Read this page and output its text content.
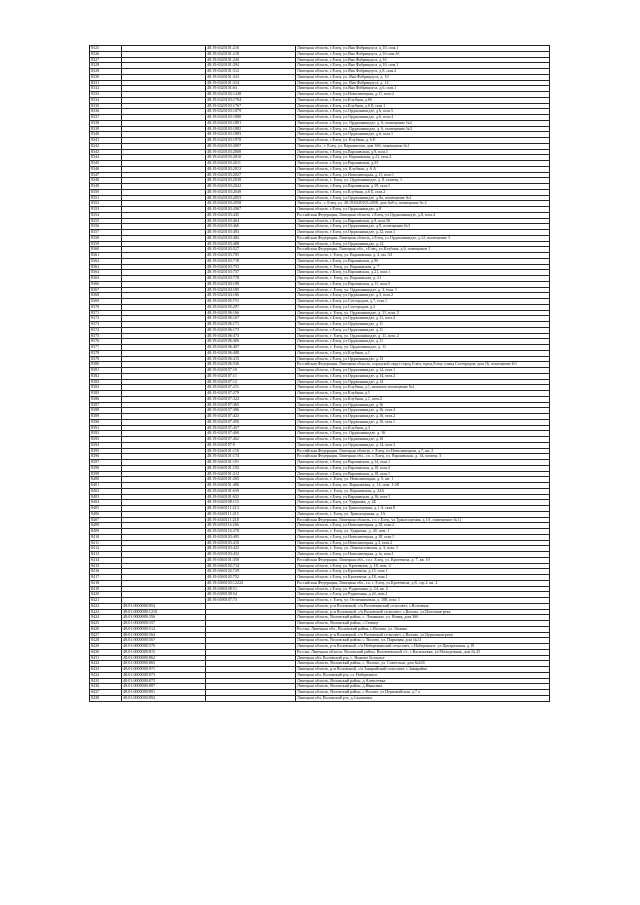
8325		48:19:6320101:216	Липецкая область, г.Елец, ул.Яна Фабрициуса, д.10, пом.1
8326		48:19:6320101:218	Липецкая область, г.Елец, ул.Яна Фабрициуса, д.16 пом.2б
8327		48:19:6320101:230	Липецкая область, г.Елец, ул.Яна Фабрициуса, д.16
8328		48:19:6320101:294	Липецкая область, г.Елец, ул.Яна Фабрициуса, д.16, пом.1
8329		48:19:6320101:312	Липецкая область, г.Елец, ул.Яна Фабрициуса, д.8, пом.2
8330		48:19:6320101:323	Липецкая область, г.Елец, ул. Яна Фабрициуса, д. 10
8331		48:19:6320101:314	Липецкая область, г.Елец, ул. Яна Фабрициуса, д. 14
8332		48:19:6320101:63	Липецкая область, г.Елец, ул.Яна Фабрициуса, д.6, пом.1
8333		48:19:6320103:1248	Липецкая область, г.Елец, ул.Новолипецкая, д.11, пом.2
8334		48:19:6320103:1704	Липецкая область, г.Елец, ул.Клубная, д.6б
8335		48:19:6320103:1767	Липецкая область, г.Елец, ул.Клубная, д.6 Б, пом.1
8336		48:19:6320103:1879	Липецкая область, г.Елец, ул.Орджоникидзе, д.6, пом.5
8337		48:19:6320103:1880	Липецкая область, г.Елец, ул.Орджоникидзе, д.6, пом.4
8338		48:19:6320103:1881	Липецкая область, г.Елец, ул. Орджоникидзе, д. 6, помещение №2
8339		48:19:6320103:1882	Липецкая область, г.Елец, ул. Орджоникидзе, д. 6, помещение №3
8340		48:19:6320103:1883	Липецкая область, г.Елец, ул.Орджоникидзе, д.6, пом.1
8341		48:19:6320103:1978	Липецкая область, г.Елец, ул. Клубная, д. 6 Е
8342		48:19:6320103:2007	Липецкая обл., г. Елец, ул. Варшавская, дом 36б, помещение №1
8343		48:19:6320103:2008	Липецкая область, г.Елец, ул.Варшавская, д.9, пом.1
8344		48:19:6320103:2010	Липецкая область, г.Елец, ул. Варшавская, д.21, пом.2
8345		48:19:6320103:2011	Липецкая область, г.Елец, ул.Варшавская, д.23
8346		48:19:6320103:2013	Липецкая область, г.Елец, ул. Клубная, д. 6 А
8347		48:19:6320103:2027	Липецкая область, г.Елец, ул.Новолипецкая, д.11, пом.1
8348		48:19:6320103:2038	Липецкая область, г. Елец, ул. Орджоникидзе, д. 8, помещ. 1
8349		48:19:6320103:2042	Липецкая область, г.Елец, ул.Варшавская, д.19, пом.1
8350		48:19:6320103:2049	Липецкая область, г.Елец, ул.Клубная, д.6 Б, пом.2
8351		48:19:6320103:2053	Липецкая область, г.Елец, ул.Орджоникидзе, д.8а, помещение №1
8352		48:19:6320103:2058	Липецкая обл., г. Елец, ул. 48:19:6320103:2058, дом №8-а, помещение № 2
8353		48:19:6320103:2067	Липецкая область, г.Елец, ул.Орджоникидзе, д.8
8354		48:19:6320103:445	Российская Федерация, Липецкая область, г.Елец, ул.Орджоникидзе, д.8, пом.4
8355		48:19:6320103:464	Липецкая область, г.Елец, ул.Варшавская, д.9, пом.36
8356		48:19:6320103:466	Липецкая область, г.Елец, ул.Орджоникидзе, д.8, помещение №3
8357		48:19:6320103:483	Липецкая область, г.Елец, ул.Орджоникидзе, д.12, пом.1
8358		48:19:6320103:484	Российская Федерация, Липецкая область, г.Елец, ул.Орджоникидзе, д.12, помещение 3
8359		48:19:6320103:488	Липецкая область, г.Елец, ул.Орджоникидзе, д.12
8360		48:19:6320103:527	Российская Федерация, Липецкая обл., г.Елец, ул.Клубная, д.6, помещение 1
8361		48:19:6320103:705	Липецкая область, г. Елец, ул. Варшавская, д. 4, пн. 34
8362		48:19:6320103:718	Липецкая область, г.Елец, ул.Варшавская, д.9б
8363		48:19:6320103:753	Липецкая область, г. Елец, ул. Варшавская, д. 7
8364		48:19:6320103:757	Липецкая область, г.Елец, ул.Варшавская, д.21, пом.1
8365		48:19:6320103:778	Липецкая область, г. Елец, ул. Варшавская, д. 21
8366		48:19:6320104:108	Липецкая область, г.Елец, ул.Варшавская, д.11, пом.5
8367		48:19:6320104:185	Липецкая область, г. Елец, ул. Орджоникидзе, д. 3, пом. 1
8368		48:19:6320104:186	Липецкая область, г.Елец, ул.Орджоникидзе, д.3, пом.2
8369		48:19:6320105:751	Липецкая область, г.Елец, ул.Соггорадов, д.7, пом.1
8370		48:19:6320105:297	Липецкая область, г.Елец, ул.Соггорадов, д.2
8371		48:19:6320106:166	Липецкая область, г. Елец, ул. Орджоникидзе, д. 11, пом. 5
8372		48:19:6320106:167	Липецкая область, г.Елец, ул.Орджоникидзе, д.11, пом.4
8373		48:19:6320106:171	Липецкая область, г.Елец, ул.Орджоникидзе, д.11
8374		48:19:6320106:173	Липецкая область, г.Елец, ул.Орджоникидзе, д.11
8375		48:19:6320106:374	Липецкая область, г. Елец, ул. Орджоникидзе, д. 11, пом. 2
8376		48:19:6320106:406	Липецкая область, г.Елец, ул.Орджоникидзе, д.11
8377		48:19:6320106:407	Липецкая область, г. Елец, ул. Орджоникидзе, д. 11
8378		48:19:6320106:408	Липецкая область, г.Елец, ул.Клубная, д.1
8379		48:19:6320106:415	Липецкая область, г.Елец, ул.Орджоникидзе, д.13
8380		48:19:6320106:536	Российская Федерация, Липецкая область, городской округ город Елец, город Елец, улица Соггорадов, дом 16, помещение 6/1
8381		48:19:6320107:10	Липецкая область, г.Елец, ул.Орджоникидзе, д.14, пом.1
8382		48:19:6320107:11	Липецкая область, г.Елец, ул.Орджоникидзе, д.14, пом.2
8383		48:19:6320107:12	Липецкая область, г.Елец, ул.Орджоникидзе, д.14
8384		48:19:6320107:211	Липецкая область, г.Елец, ул.Клубная, д.1, нежилое помещение №1
8385		48:19:6320107:279	Липецкая область, г.Елец, ул.Клубная, д.1
8386		48:19:6320107:322	Липецкая область, г.Елец, ул.Клубная, д.1, пом.2
8387		48:19:6320107:365	Липецкая область, г.Елец, ул.Орджоникидзе, д.16
8388		48:19:6320107:386	Липецкая область, г.Елец, ул.Орджоникидзе, д.16, пом.4
8389		48:19:6320107:423	Липецкая область, г.Елец, ул.Орджоникидзе, д.16, пом.2
8390		48:19:6320107:456	Липецкая область, г.Елец, ул.Орджоникидзе, д.16, пом.1
8391		48:19:6320107:457	Липецкая область, г.Елец, ул.Клубная, д.3
8392		48:19:6320107:460	Липецкая область, г.Елец, ул. Орджоникидзе, д. 16
8393		48:19:6320107:462	Липецкая область, г.Елец, ул.Орджоникидзе, д.16
8394		48:19:6320107:9	Липецкая область, г.Елец, ул.Орджоникидзе, д.14, пом.3
8395		48:19:6340101:110	Российская Федерация, Липецкая область, г. Елец, ул.Новолипецкая, д.7, кв. 2
8396		48:19:6340101:174	Российская Федерация, Липецкая обл., г.о. г. Елец, ул. Варшавская, д. 14, помещ. 3
8397		48:19:6340101:191	Липецкая область, г.Елец, ул.Варшавская, д.14, пом.1
8398		48:19:6340101:192	Липецкая область, г.Елец, ул.Варшавская, д.10, пом.2
8399		48:19:6340101:212	Липецкая область, г.Елец, ул.Варшавская, д.10, пом.1
8400		48:19:6340101:205	Липецкая область, г. Елец, ул. Новолипецкая, д. 5, кв. 1
8401		48:19:6340101:406	Липецкая область, г.Елец, пл. Варшавская, д. 14, пом. 1-28
8402		48:19:6340101:639	Липецкая область, г. Елец, ул. Варшавская, д. 34А
8403		48:19:6340101:652	Липецкая область, г.Елец, ул.Варшавская, д.16, пом.1
8404		48:19:6340108:115	Липецкая область, г.Елец, ул. Ударника, д. 2Б
8405		48:19:6340111:213	Липецкая область, г.Елец, ул.Транспортная, д.1 А, пом.8
8406		48:19:6340111:215	Липецкая область, г. Елец, ул. Транспортная, д. 1А
8407		48:19:6340111:218	Российская Федерация, Липецкая область, г.о. г.Елец, ул.Транспортная, д.1А, помещение №11
8408		48:19:6350116:266	Липецкая область, г.Елец, ул.Новолипецкая, д.18, пом.2
8409		48:19:6350116:378	Липецкая область, г. Елец, ул. Ударника, д. 28, пом. 1
8410		48:19:6350103:405	Липецкая область, г.Елец, ул.Новолипецкая, д.18, пом.1
8411		48:19:6350103:410	Липецкая область, г.Елец, ул.Новолипецкая, д.3, пом.2
8412		48:19:6350103:423	Липецкая область, г. Елец, ул. Ломоносовская, д. 3, пом. 1
8413		48:19:6350103:432	Липецкая область, г.Елец, ул.Новолипецкая, д.1а, пом.1
8414		48:19:6360101:358	Российская Федерация, Липецкая обл., г.о.г. Елец, ул. Кротевича, д. 7, кв. 19
8415		48:19:6360102:714	Липецкая область, г.Елец, ул. Кротевича, д. 18, пом. 2
8416		48:19:6360102:729	Липецкая область, г.Елец, ул.Кротевича, д.15, пом.1
8417		48:19:6360102:752	Липецкая область, г.Елец, ул.Кротевича, д.18, пом.1
8418		48:19:6360103:12222	Российская Федерация, Липецкая обл., г.о. г. Елец, ул.Кротевича, д.8, стр.2, кв. 2
8419		48:19:6380108:51	Липецкая область, г.Елец, ул. Рудничная, д. 24, кв. 2
8420		48:19:6380108:54	Липецкая область, г.Елец, ул.Рудничная, д.24, пом.1
8421		48:19:6390107:73	Липецкая область, г. Елец, ул. Отличниковая, д. 108, пом. 1
8422	48:01:0000000:854		Липецкая область, р-н Воловский, с/п Воловчинский сельсовет, с.Воловчик
8423	48:01:0000000:1216		Липецкая область, р-н Воловский, с/п Воловский сельсовет, с.Волово, ул.Почтовая-река
8424	48:01:0000000:356		Липецкая область, Воловский район, с. Ломакино, ул. Новая, дом 36б
8425	48:01:0000000:557		Липецкая область, Воловский район, с.Гатище
8426	48:01:0000000:512		Россия, Липецкая обл., Воловский район, с.Волово, ул. Ленина
8427	48:01:0000000:564		Липецкая область, р-н Воловский, с/п Воловский сельсовет, с.Волово, ул.Церковная-река
8428	48:01:0000000:567		Липецкая область, Воловский район, с. Волово, ул. Парковая, дом №13
8429	48:01:0000000:570		Липецкая область, р-н Воловский, с/п Набережанский сельсовет, с.Набережное, ул.Центральная, д.19
8430	48:01:0000000:815		Россия, Липецкая область, Воловский район, Воловчинский с/с, с.Васильевка, ул.Молодежная, дом № 25
8431	48:01:0000000:862		Липецкая обл, Воловский р-н, с. Нижнее Большое
8432	48:01:0000000:865		Липецкая область, Воловский район, с. Волово, ул. Советская, дом №42б
8433	48:01:0000000:871		Липецкая область, р-н Воловский, с/п Замарайский сельсовет, с.Замарайка
8434	48:01:0000000:873		Липецкая обл, Воловский р-н, ст. Набережное
8435	48:01:0000000:875		Липецкая область, Воловский район, д.Алексеевка
8436	48:01:0000000:887		Липецкая область, Воловский район, д.Ивановка
8437	48:01:0000000:891		Липецкая область, Воловский район, с.Волово, ул.Первомайская, д.7 а
8438	48:01:0000000:892		Липецкая обл, Воловский р-н, д.Сахоновка
